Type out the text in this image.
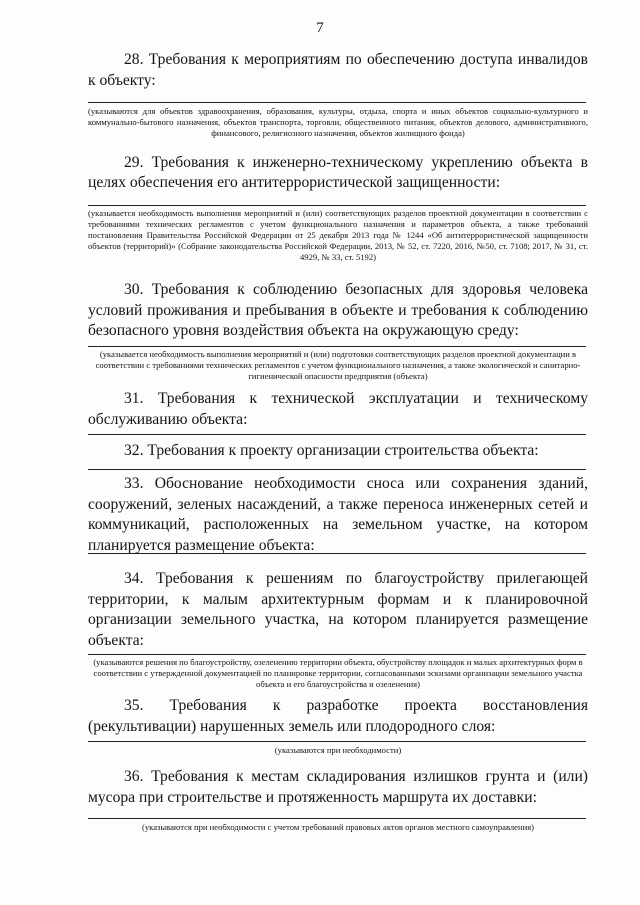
7

28. Требования к мероприятиям по обеспечению доступа инвалидов к объекту:

(указываются для объектов здравоохранения, образования, культуры, отдыха, спорта и иных объектов социально-культурного и коммунально-бытового назначения, объектов транспорта, торговли, общественного питания, объектов делового, административного, финансового, религиозного назначения, объектов жилищного фонда)

29. Требования к инженерно-техническому укреплению объекта в целях обеспечения его антитеррористической защищенности:

(указывается необходимость выполнения мероприятий и (или) соответствующих разделов проектной документации в соответствии с требованиями технических регламентов с учетом функционального назначения и параметров объекта, а также требований постановления Правительства Российской Федерации от 25 декабря 2013 года № 1244 «Об антитеррористической защищенности объектов (территорий)» (Собрание законодательства Российской Федерации, 2013, № 52, ст. 7220, 2016, №50, ст. 7108; 2017, № 31, ст. 4929, № 33, ст. 5192)

30. Требования к соблюдению безопасных для здоровья человека условий проживания и пребывания в объекте и требования к соблюдению безопасного уровня воздействия объекта на окружающую среду:

(указывается необходимость выполнения мероприятий и (или) подготовки соответствующих разделов проектной документации в соответствии с требованиями технических регламентов с учетом функционального назначения, а также экологической и санитарно-гигиенической опасности предприятия (объекта)

31. Требования к технической эксплуатации и техническому обслуживанию объекта:

32. Требования к проекту организации строительства объекта:

33. Обоснование необходимости сноса или сохранения зданий, сооружений, зеленых насаждений, а также переноса инженерных сетей и коммуникаций, расположенных на земельном участке, на котором планируется размещение объекта:

34. Требования к решениям по благоустройству прилегающей территории, к малым архитектурным формам и к планировочной организации земельного участка, на котором планируется размещение объекта:

(указываются решения по благоустройству, озеленению территории объекта, обустройству площадок и малых архитектурных форм в соответствии с утвержденной документацией по планировке территории, согласованными эскизами организации земельного участка объекта и его благоустройства и озеленения)

35. Требования к разработке проекта восстановления (рекультивации) нарушенных земель или плодородного слоя:

(указываются при необходимости)

36. Требования к местам складирования излишков грунта и (или) мусора при строительстве и протяженность маршрута их доставки:

(указываются при необходимости с учетом требований правовых актов органов местного самоуправления)
